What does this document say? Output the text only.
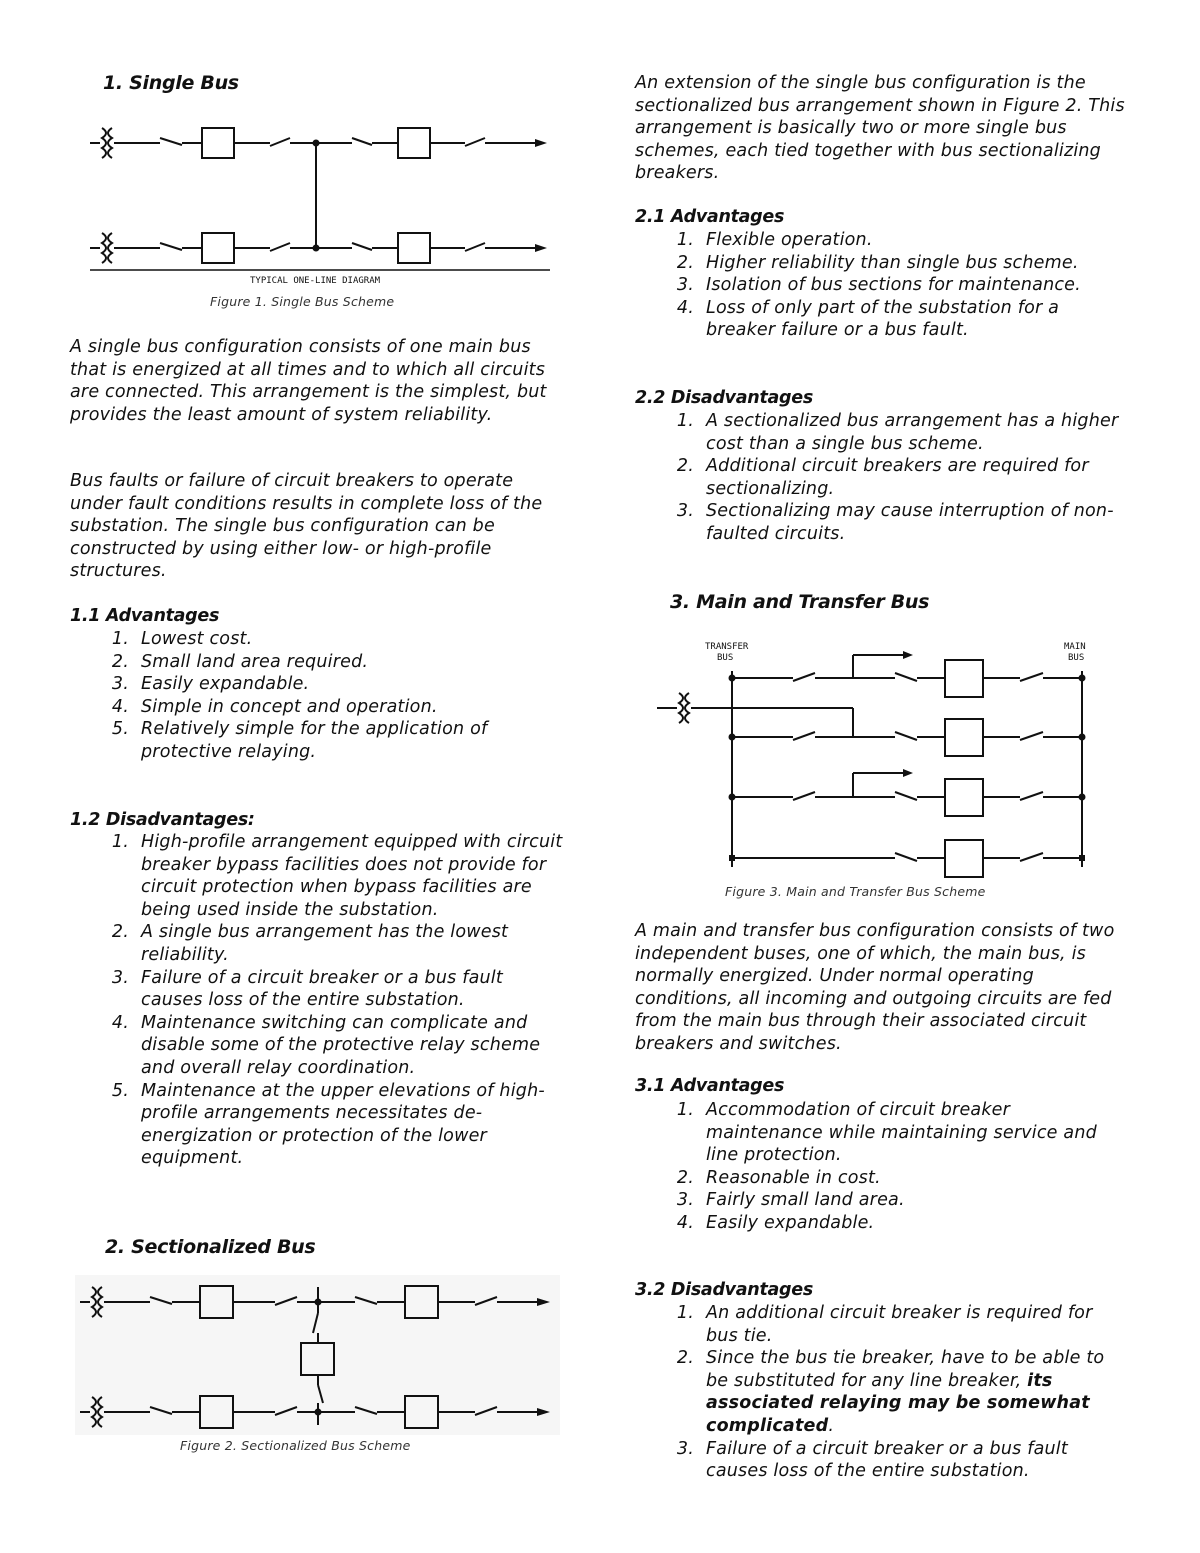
1. Single Bus
TYPICAL ONE-LINE DIAGRAM
Figure 1. Single Bus Scheme

A single bus configuration consists of one main bus that is energized at all times and to which all circuits are connected. This arrangement is the simplest, but provides the least amount of system reliability.

Bus faults or failure of circuit breakers to operate under fault conditions results in complete loss of the substation. The single bus configuration can be constructed by using either low- or high-profile structures.

1.1 Advantages
1. Lowest cost.
2. Small land area required.
3. Easily expandable.
4. Simple in concept and operation.
5. Relatively simple for the application of protective relaying.
1.2 Disadvantages:
1. High-profile arrangement equipped with circuit breaker bypass facilities does not provide for circuit protection when bypass facilities are being used inside the substation.
2. A single bus arrangement has the lowest reliability.
3. Failure of a circuit breaker or a bus fault causes loss of the entire substation.
4. Maintenance switching can complicate and disable some of the protective relay scheme and overall relay coordination.
5. Maintenance at the upper elevations of high-profile arrangements necessitates de-energization or protection of the lower equipment.
2. Sectionalized Bus
Figure 2. Sectionalized Bus Scheme

An extension of the single bus configuration is the sectionalized bus arrangement shown in Figure 2. This arrangement is basically two or more single bus schemes, each tied together with bus sectionalizing breakers.

2.1 Advantages
1. Flexible operation.
2. Higher reliability than single bus scheme.
3. Isolation of bus sections for maintenance.
4. Loss of only part of the substation for a breaker failure or a bus fault.
2.2 Disadvantages
1. A sectionalized bus arrangement has a higher cost than a single bus scheme.
2. Additional circuit breakers are required for sectionalizing.
3. Sectionalizing may cause interruption of non-faulted circuits.
3. Main and Transfer Bus
TRANSFER
BUS
MAIN
BUS
Figure 3. Main and Transfer Bus Scheme

A main and transfer bus configuration consists of two independent buses, one of which, the main bus, is normally energized. Under normal operating conditions, all incoming and outgoing circuits are fed from the main bus through their associated circuit breakers and switches.

3.1 Advantages
1. Accommodation of circuit breaker maintenance while maintaining service and line protection.
2. Reasonable in cost.
3. Fairly small land area.
4. Easily expandable.
3.2 Disadvantages
1. An additional circuit breaker is required for bus tie.
2. Since the bus tie breaker, have to be able to be substituted for any line breaker, its associated relaying may be somewhat complicated.
3. Failure of a circuit breaker or a bus fault causes loss of the entire substation.
